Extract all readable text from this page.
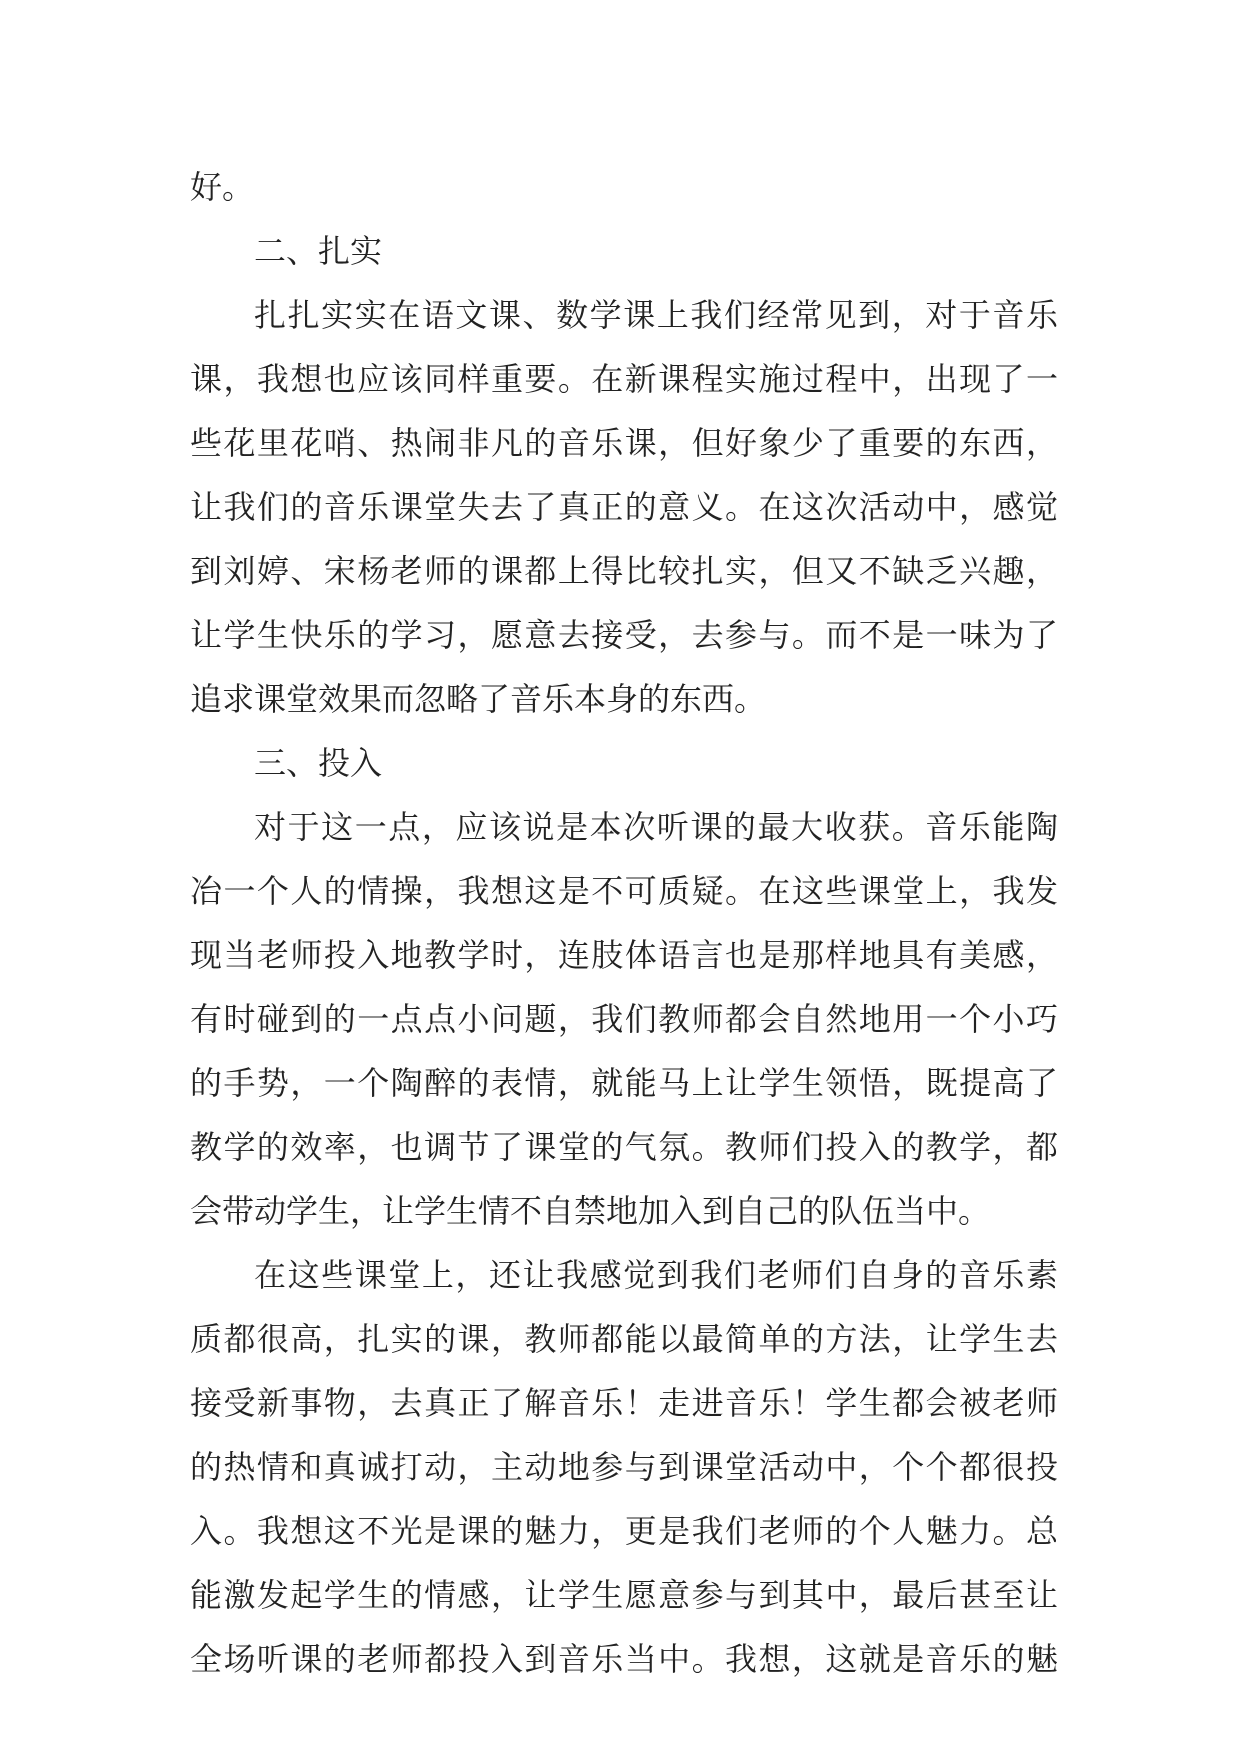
好。
二、扎实
扎扎实实在语文课、数学课上我们经常见到，对于音乐
课，我想也应该同样重要。在新课程实施过程中，出现了一
些花里花哨、热闹非凡的音乐课，但好象少了重要的东西，
让我们的音乐课堂失去了真正的意义。在这次活动中，感觉
到刘婷、宋杨老师的课都上得比较扎实，但又不缺乏兴趣，
让学生快乐的学习，愿意去接受，去参与。而不是一味为了
追求课堂效果而忽略了音乐本身的东西。
三、投入
对于这一点，应该说是本次听课的最大收获。音乐能陶
冶一个人的情操，我想这是不可质疑。在这些课堂上，我发
现当老师投入地教学时，连肢体语言也是那样地具有美感，
有时碰到的一点点小问题，我们教师都会自然地用一个小巧
的手势，一个陶醉的表情，就能马上让学生领悟，既提高了
教学的效率，也调节了课堂的气氛。教师们投入的教学，都
会带动学生，让学生情不自禁地加入到自己的队伍当中。
在这些课堂上，还让我感觉到我们老师们自身的音乐素
质都很高，扎实的课，教师都能以最简单的方法，让学生去
接受新事物，去真正了解音乐！走进音乐！学生都会被老师
的热情和真诚打动，主动地参与到课堂活动中，个个都很投
入。我想这不光是课的魅力，更是我们老师的个人魅力。总
能激发起学生的情感，让学生愿意参与到其中，最后甚至让
全场听课的老师都投入到音乐当中。我想，这就是音乐的魅
